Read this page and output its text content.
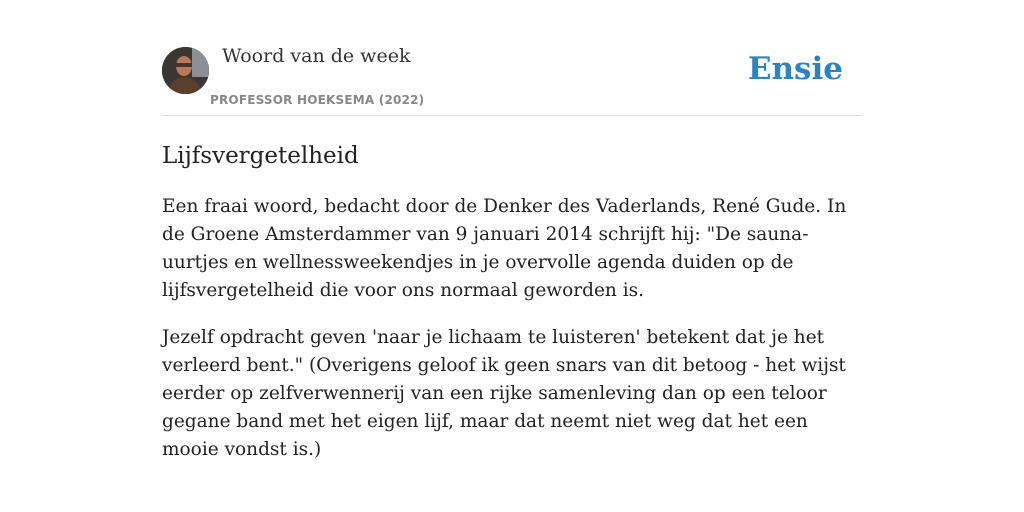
Woord van de week
PROFESSOR HOEKSEMA (2022)
Ensie
Lijfsvergetelheid

Een fraai woord, bedacht door de Denker des Vaderlands, René Gude. In de Groene Amsterdammer van 9 januari 2014 schrijft hij: "De sauna-uurtjes en wellnessweekendjes in je overvolle agenda duiden op de lijfsvergetelheid die voor ons normaal geworden is.

Jezelf opdracht geven 'naar je lichaam te luisteren' betekent dat je het verleerd bent." (Overigens geloof ik geen snars van dit betoog - het wijst eerder op zelfverwennerij van een rijke samenleving dan op een teloor gegane band met het eigen lijf, maar dat neemt niet weg dat het een mooie vondst is.)
